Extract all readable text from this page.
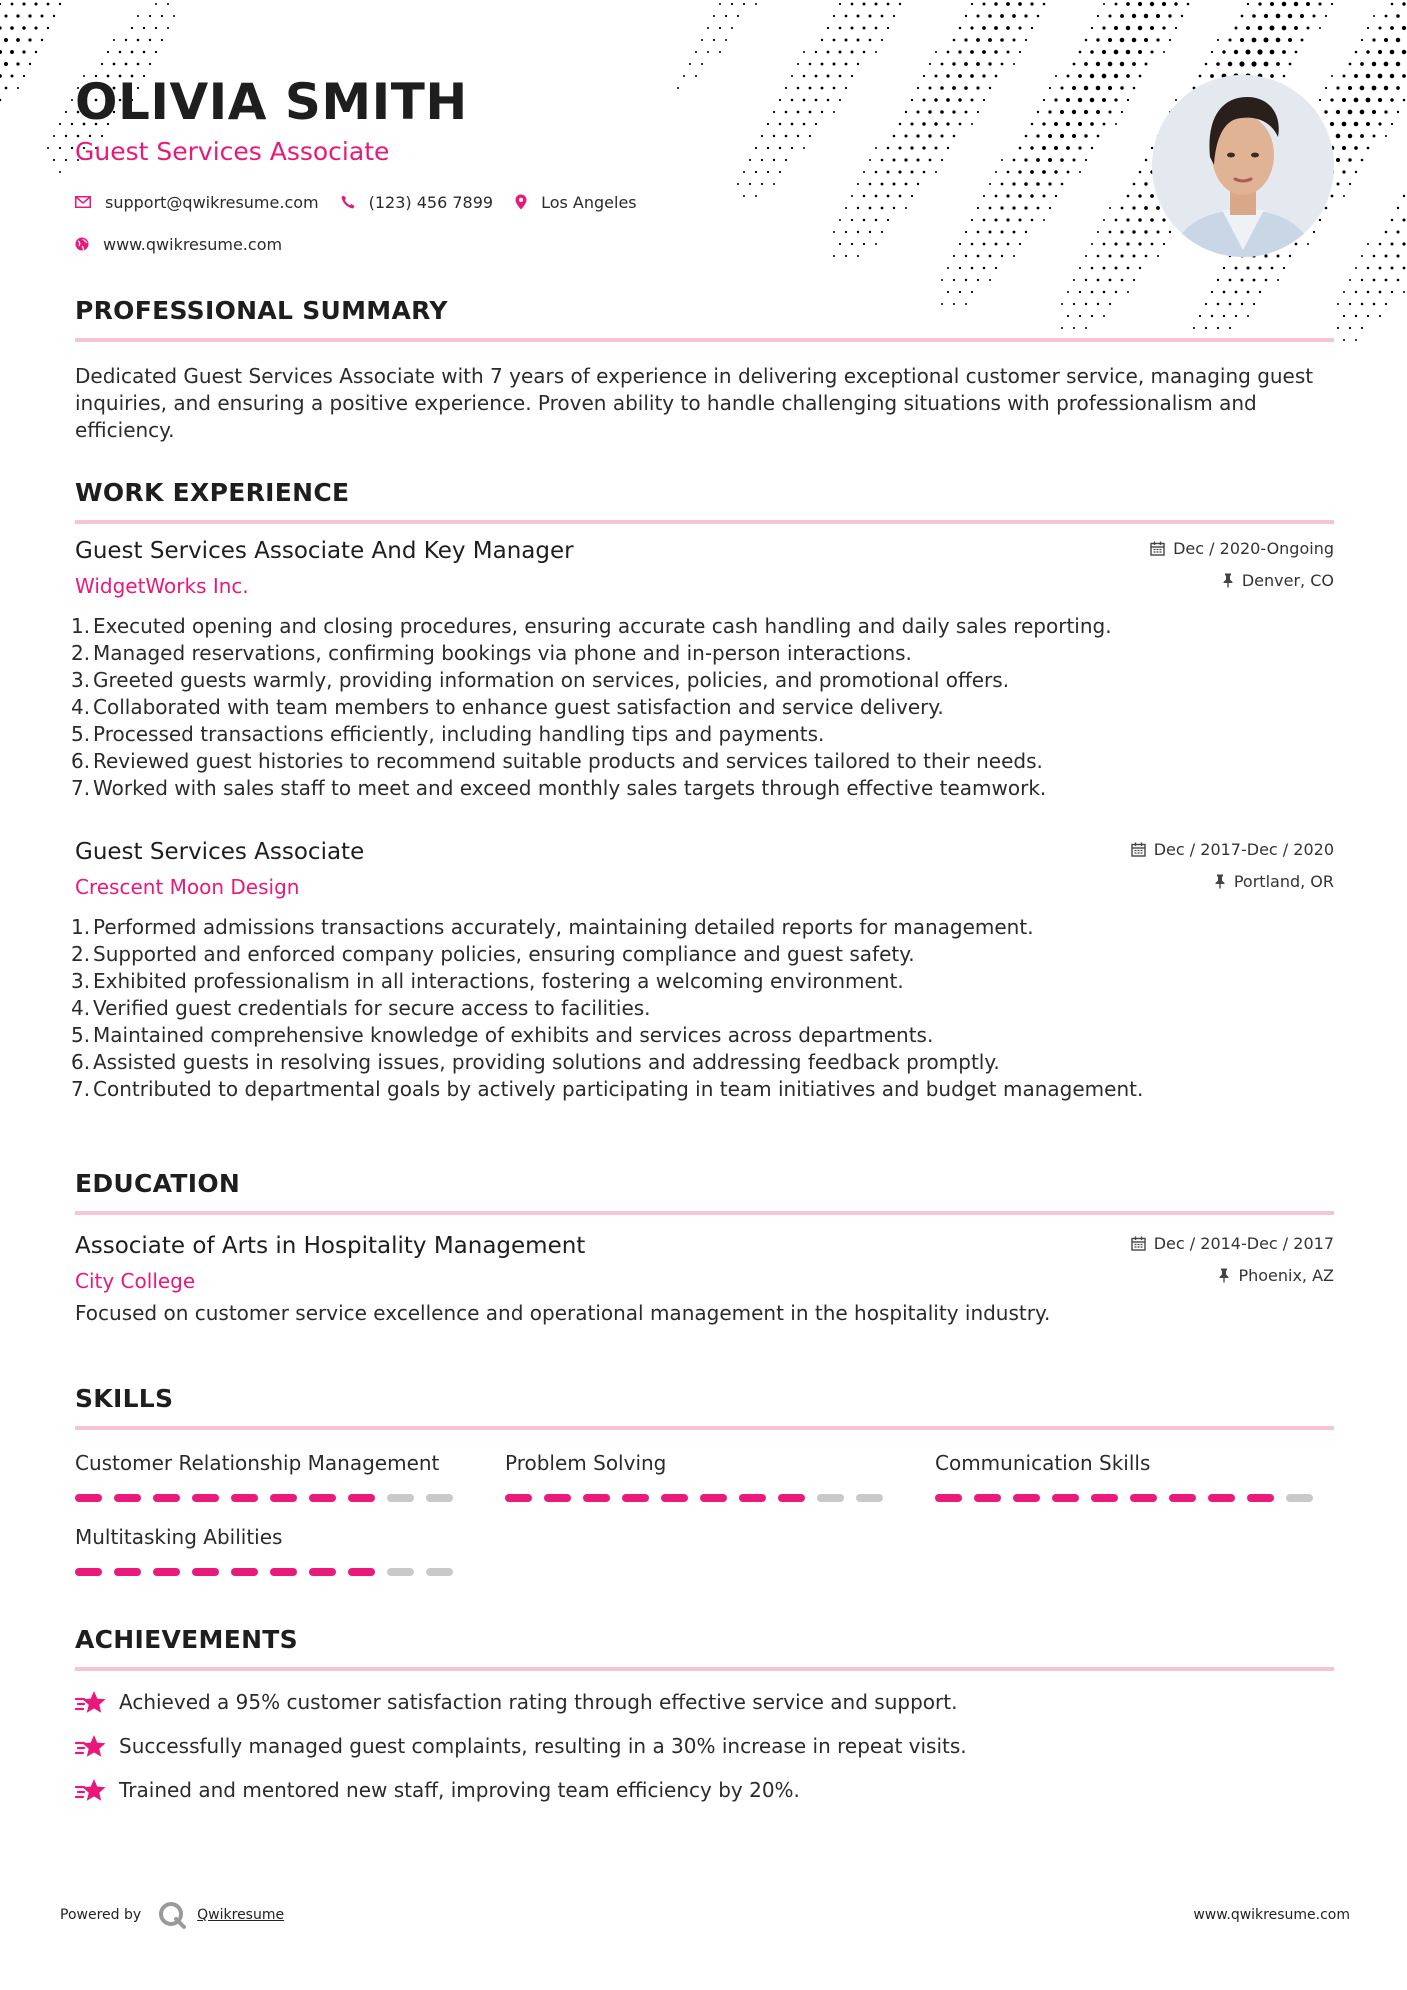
OLIVIA SMITH
Guest Services Associate
support@qwikresume.com	(123) 456 7899	Los Angeles
www.qwikresume.com
PROFESSIONAL SUMMARY
Dedicated Guest Services Associate with 7 years of experience in delivering exceptional customer service, managing guest inquiries, and ensuring a positive experience. Proven ability to handle challenging situations with professionalism and efficiency.
WORK EXPERIENCE
Guest Services Associate And Key Manager
WidgetWorks Inc.
Dec / 2020-Ongoing
Denver, CO
1. Executed opening and closing procedures, ensuring accurate cash handling and daily sales reporting.
2. Managed reservations, confirming bookings via phone and in-person interactions.
3. Greeted guests warmly, providing information on services, policies, and promotional offers.
4. Collaborated with team members to enhance guest satisfaction and service delivery.
5. Processed transactions efficiently, including handling tips and payments.
6. Reviewed guest histories to recommend suitable products and services tailored to their needs.
7. Worked with sales staff to meet and exceed monthly sales targets through effective teamwork.
Guest Services Associate
Crescent Moon Design
Dec / 2017-Dec / 2020
Portland, OR
1. Performed admissions transactions accurately, maintaining detailed reports for management.
2. Supported and enforced company policies, ensuring compliance and guest safety.
3. Exhibited professionalism in all interactions, fostering a welcoming environment.
4. Verified guest credentials for secure access to facilities.
5. Maintained comprehensive knowledge of exhibits and services across departments.
6. Assisted guests in resolving issues, providing solutions and addressing feedback promptly.
7. Contributed to departmental goals by actively participating in team initiatives and budget management.
EDUCATION
Associate of Arts in Hospitality Management
City College
Dec / 2014-Dec / 2017
Phoenix, AZ
Focused on customer service excellence and operational management in the hospitality industry.
SKILLS
Customer Relationship Management	Problem Solving	Communication Skills
Multitasking Abilities
ACHIEVEMENTS
Achieved a 95% customer satisfaction rating through effective service and support.
Successfully managed guest complaints, resulting in a 30% increase in repeat visits.
Trained and mentored new staff, improving team efficiency by 20%.
Powered by	Qwikresume	www.qwikresume.com
